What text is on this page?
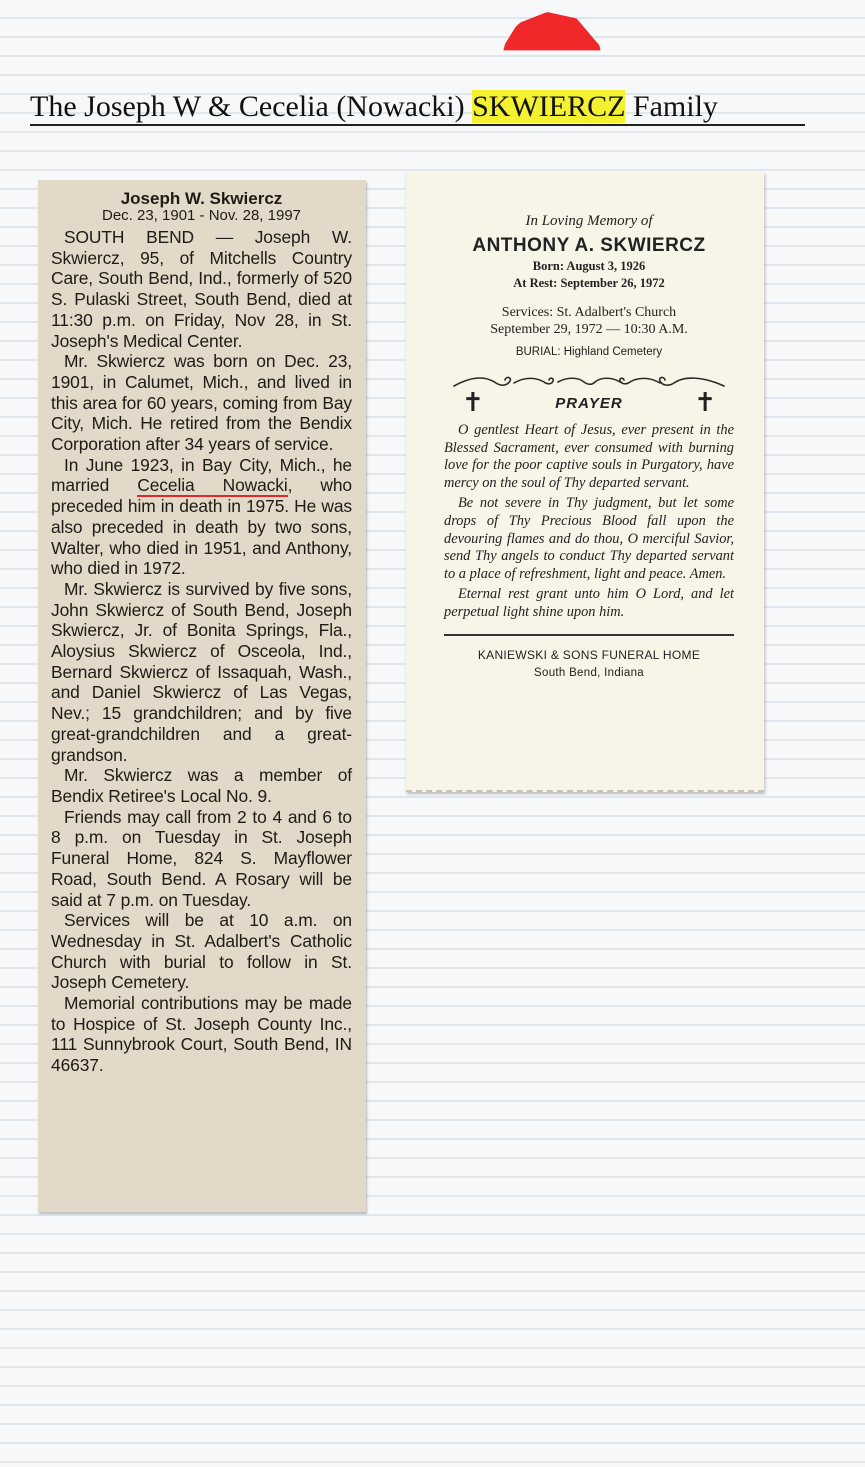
The Joseph W & Cecelia (Nowacki) SKWIERCZ Family

Joseph W. Skwiercz

Dec. 23, 1901 - Nov. 28, 1997

SOUTH BEND — Joseph W. Skwiercz, 95, of Mitchells Country Care, South Bend, Ind., formerly of 520 S. Pulaski Street, South Bend, died at 11:30 p.m. on Friday, Nov 28, in St. Joseph's Medical Center.

Mr. Skwiercz was born on Dec. 23, 1901, in Calumet, Mich., and lived in this area for 60 years, coming from Bay City, Mich. He retired from the Bendix Corporation after 34 years of service.

In June 1923, in Bay City, Mich., he married Cecelia Nowacki, who preceded him in death in 1975. He was also preceded in death by two sons, Walter, who died in 1951, and Anthony, who died in 1972.

Mr. Skwiercz is survived by five sons, John Skwiercz of South Bend, Joseph Skwiercz, Jr. of Bonita Springs, Fla., Aloysius Skwiercz of Osceola, Ind., Bernard Skwiercz of Issaquah, Wash., and Daniel Skwiercz of Las Vegas, Nev.; 15 grandchildren; and by five great-grandchildren and a great-grandson.

Mr. Skwiercz was a member of Bendix Retiree's Local No. 9.

Friends may call from 2 to 4 and 6 to 8 p.m. on Tuesday in St. Joseph Funeral Home, 824 S. Mayflower Road, South Bend. A Rosary will be said at 7 p.m. on Tuesday.

Services will be at 10 a.m. on Wednesday in St. Adalbert's Catholic Church with burial to follow in St. Joseph Cemetery.

Memorial contributions may be made to Hospice of St. Joseph County Inc., 111 Sunnybrook Court, South Bend, IN 46637.

In Loving Memory of

ANTHONY A. SKWIERCZ

Born: August 3, 1926

At Rest: September 26, 1972

Services: St. Adalbert's Church

September 29, 1972 — 10:30 A.M.

BURIAL: Highland Cemetery

✝	PRAYER	✝

O gentlest Heart of Jesus, ever present in the Blessed Sacrament, ever consumed with burning love for the poor captive souls in Purgatory, have mercy on the soul of Thy departed servant.

Be not severe in Thy judgment, but let some drops of Thy Precious Blood fall upon the devouring flames and do thou, O merciful Savior, send Thy angels to conduct Thy departed servant to a place of refreshment, light and peace. Amen.

Eternal rest grant unto him O Lord, and let perpetual light shine upon him.

KANIEWSKI & SONS FUNERAL HOME

South Bend, Indiana
